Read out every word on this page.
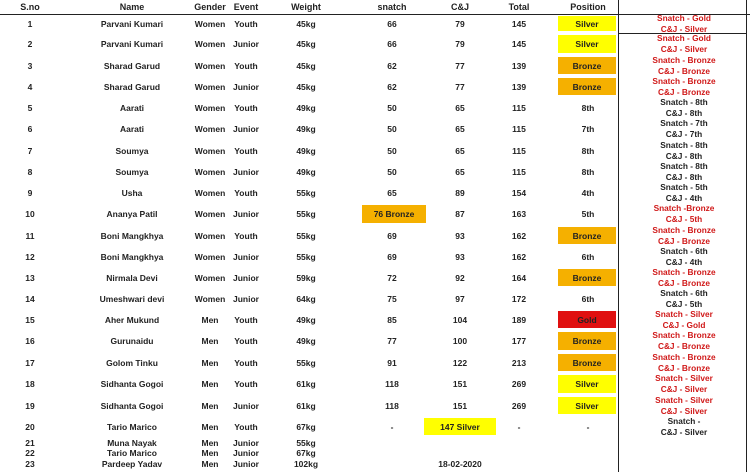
S.no	Name	Gender Event	Weight	snatch	C&J	Total	Position
1	Parvani Kumari	Women	Youth	45kg	66	79	145	Silver
2	Parvani Kumari	Women Junior	45kg	66	79	145	Silver
3	Sharad Garud	Women	Youth	45kg	62	77	139	Bronze
4	Sharad Garud	Women Junior	45kg	62	77	139	Bronze
5	Aarati	Women	Youth	49kg	50	65	115	8th
6	Aarati	Women Junior	49kg	50	65	115	7th
7	Soumya	Women	Youth	49kg	50	65	115	8th
8	Soumya	Women Junior	49kg	50	65	115	8th
9	Usha	Women	Youth	55kg	65	89	154	4th
10	Ananya Patil	Women Junior	55kg	76 Bronze	87	163	5th
11	Boni Mangkhya	Women	Youth	55kg	69	93	162	Bronze
12	Boni Mangkhya	Women Junior	55kg	69	93	162	6th
13	Nirmala Devi	Women Junior	59kg	72	92	164	Bronze
14	Umeshwari devi	Women Junior	64kg	75	97	172	6th
15	Aher Mukund	Men	Youth	49kg	85	104	189	Gold
16	Gurunaidu	Men	Youth	49kg	77	100	177	Bronze
17	Golom Tinku	Men	Youth	55kg	91	122	213	Bronze
18	Sidhanta Gogoi	Men	Youth	61kg	118	151	269	Silver
19	Sidhanta Gogoi	Men	Junior	61kg	118	151	269	Silver
20	Tario Marico	Men	Youth	67kg	-	147 Silver	-	-
21	Muna Nayak	Men	Junior	55kg
22	Tario Marico	Men	Junior	67kg
23	Pardeep Yadav	Men	Junior	102kg	18-02-2020
Snatch - Gold
C&J - Silver
Snatch - Gold
C&J - Silver
Snatch - Bronze
C&J - Bronze
Snatch - Bronze
C&J - Bronze
Snatch - 8th
C&J - 8th
Snatch - 7th
C&J - 7th
Snatch - 8th
C&J - 8th
Snatch - 8th
C&J - 8th
Snatch - 5th
C&J - 4th
Snatch -Bronze
C&J - 5th
Snatch - Bronze
C&J - Bronze
Snatch - 6th
C&J - 4th
Snatch - Bronze
C&J - Bronze
Snatch - 6th
C&J - 5th
Snatch - Silver
C&J - Gold
Snatch - Bronze
C&J - Bronze
Snatch - Bronze
C&J - Bronze
Snatch - Silver
C&J - Silver
Snatch - Silver
C&J - Silver
Snatch -
C&J - Silver
